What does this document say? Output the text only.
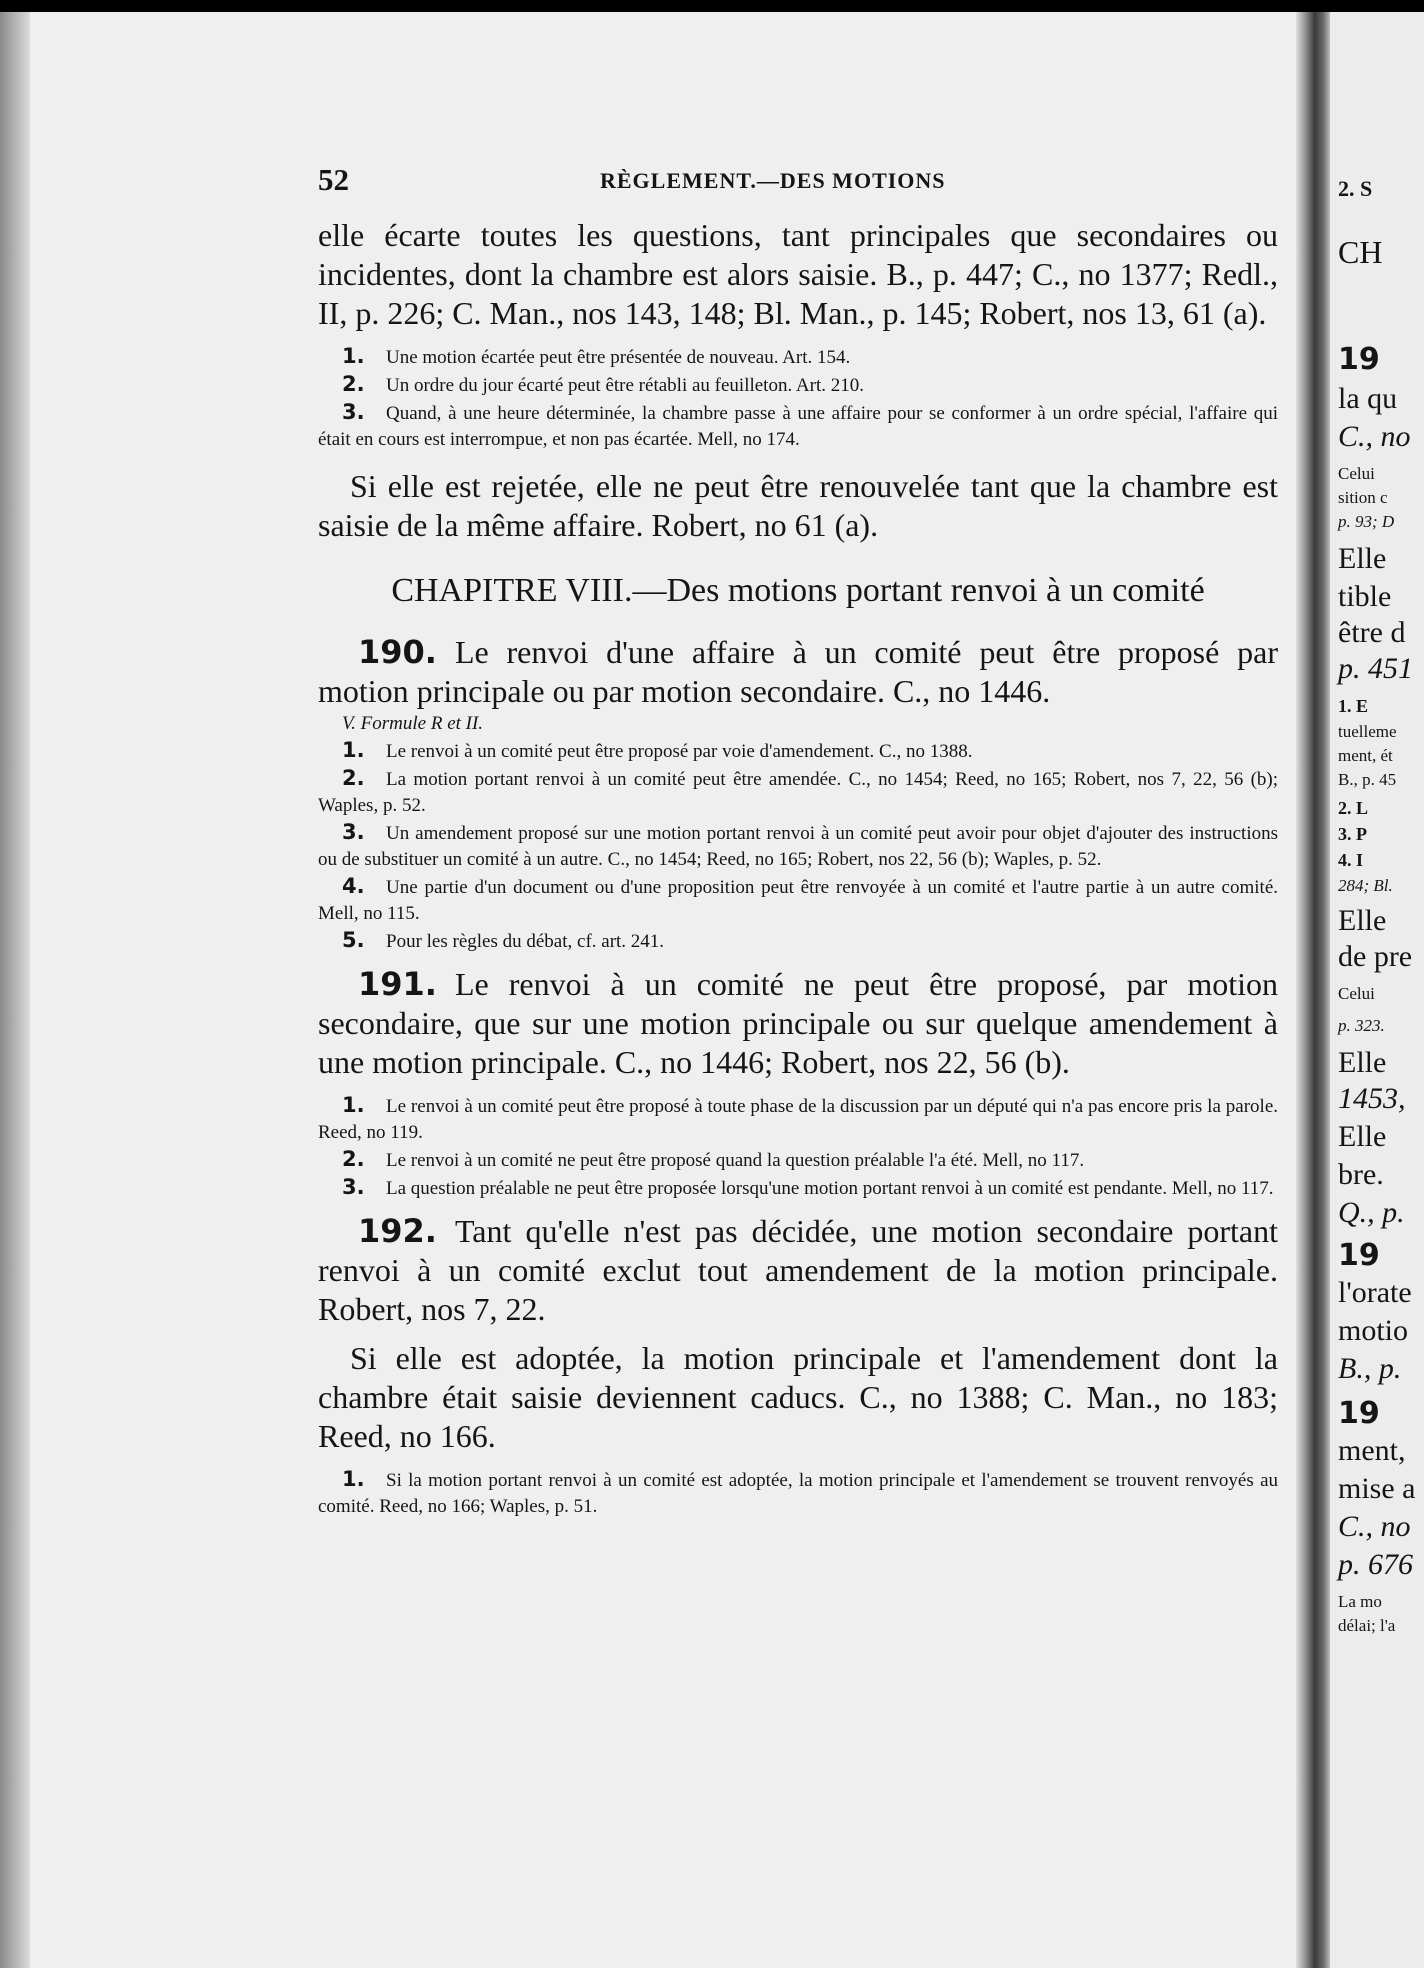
52	RÈGLEMENT.—DES MOTIONS

elle écarte toutes les questions, tant principales que secondaires ou incidentes, dont la chambre est alors saisie. B., p. 447; C., no 1377; Redl., II, p. 226; C. Man., nos 143, 148; Bl. Man., p. 145; Robert, nos 13, 61 (a).

1. Une motion écartée peut être présentée de nouveau. Art. 154.

2. Un ordre du jour écarté peut être rétabli au feuilleton. Art. 210.

3. Quand, à une heure déterminée, la chambre passe à une affaire pour se conformer à un ordre spécial, l'affaire qui était en cours est interrompue, et non pas écartée. Mell, no 174.

Si elle est rejetée, elle ne peut être renouvelée tant que la chambre est saisie de la même affaire. Robert, no 61 (a).

CHAPITRE VIII.—Des motions portant renvoi à un comité

190. Le renvoi d'une affaire à un comité peut être proposé par motion principale ou par motion secondaire. C., no 1446.

V. Formule R et II.

1. Le renvoi à un comité peut être proposé par voie d'amendement. C., no 1388.

2. La motion portant renvoi à un comité peut être amendée. C., no 1454; Reed, no 165; Robert, nos 7, 22, 56 (b); Waples, p. 52.

3. Un amendement proposé sur une motion portant renvoi à un comité peut avoir pour objet d'ajouter des instructions ou de substituer un comité à un autre. C., no 1454; Reed, no 165; Robert, nos 22, 56 (b); Waples, p. 52.

4. Une partie d'un document ou d'une proposition peut être renvoyée à un comité et l'autre partie à un autre comité. Mell, no 115.

5. Pour les règles du débat, cf. art. 241.

191. Le renvoi à un comité ne peut être proposé, par motion secondaire, que sur une motion principale ou sur quelque amendement à une motion principale. C., no 1446; Robert, nos 22, 56 (b).

1. Le renvoi à un comité peut être proposé à toute phase de la discussion par un député qui n'a pas encore pris la parole. Reed, no 119.

2. Le renvoi à un comité ne peut être proposé quand la question préalable l'a été. Mell, no 117.

3. La question préalable ne peut être proposée lorsqu'une motion portant renvoi à un comité est pendante. Mell, no 117.

192. Tant qu'elle n'est pas décidée, une motion secondaire portant renvoi à un comité exclut tout amendement de la motion principale. Robert, nos 7, 22.

Si elle est adoptée, la motion principale et l'amendement dont la chambre était saisie deviennent caducs. C., no 1388; C. Man., no 183; Reed, no 166.

1. Si la motion portant renvoi à un comité est adoptée, la motion principale et l'amendement se trouvent renvoyés au comité. Reed, no 166; Waples, p. 51.

2. S
CH
19
la qu
C., no
Celui
sition c
p. 93; D
Elle
tible
être d
p. 451
1. E
tuelleme
ment, ét
B., p. 45
2. L
3. P
4. I
284; Bl.
Elle
de pre
Celui
p. 323.
Elle
1453,
Elle
bre.
Q., p.
19
l'orate
motio
B., p.
19
ment,
mise a
C., no
p. 676
La mo
délai; l'a
